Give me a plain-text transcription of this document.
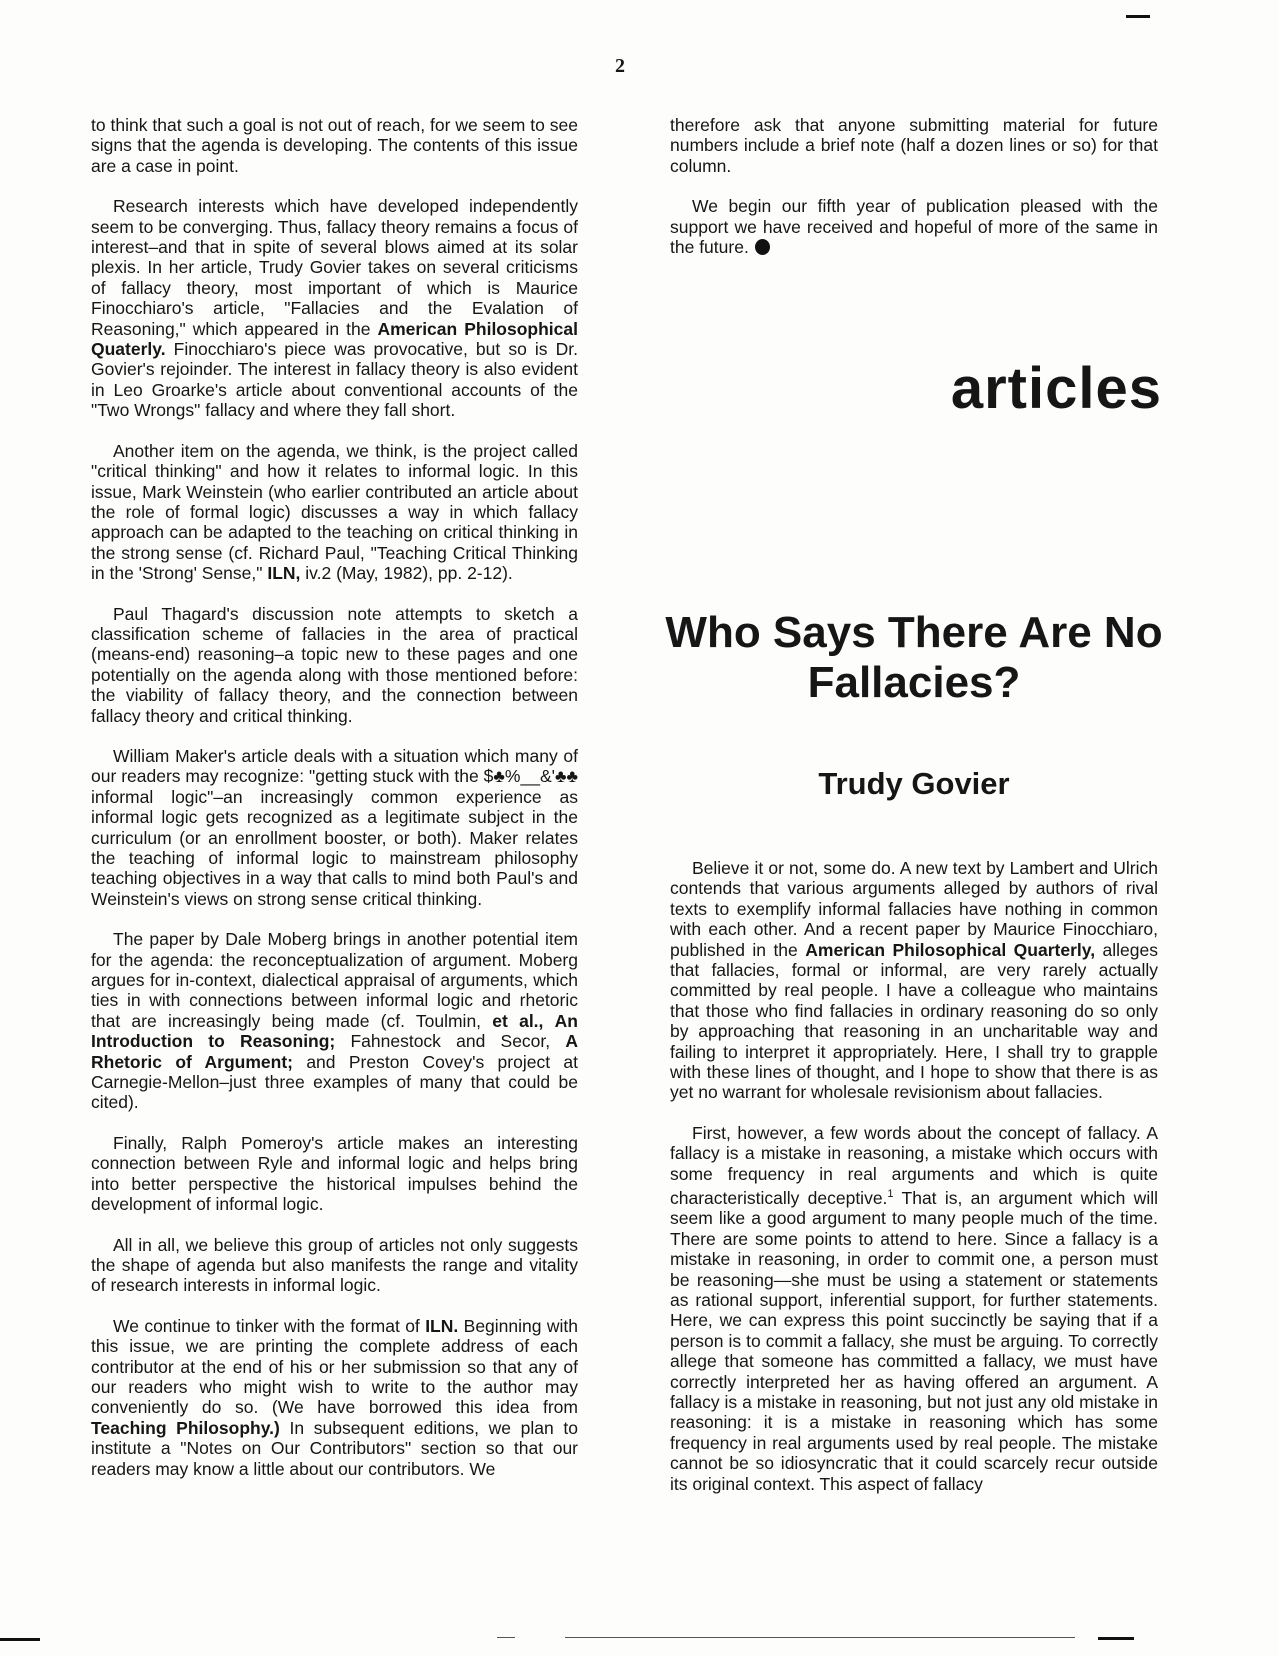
2

to think that such a goal is not out of reach, for we seem to see signs that the agenda is developing. The contents of this issue are a case in point.

Research interests which have developed independently seem to be converging. Thus, fallacy theory remains a focus of interest–and that in spite of several blows aimed at its solar plexis. In her article, Trudy Govier takes on several criticisms of fallacy theory, most important of which is Maurice Finocchiaro's article, "Fallacies and the Evalation of Reasoning," which appeared in the American Philosophical Quaterly. Finocchiaro's piece was provocative, but so is Dr. Govier's rejoinder. The interest in fallacy theory is also evident in Leo Groarke's article about conventional accounts of the "Two Wrongs" fallacy and where they fall short.

Another item on the agenda, we think, is the project called "critical thinking" and how it relates to informal logic. In this issue, Mark Weinstein (who earlier contributed an article about the role of formal logic) discusses a way in which fallacy approach can be adapted to the teaching on critical thinking in the strong sense (cf. Richard Paul, "Teaching Critical Thinking in the 'Strong' Sense," ILN, iv.2 (May, 1982), pp. 2-12).

Paul Thagard's discussion note attempts to sketch a classification scheme of fallacies in the area of practical (means-end) reasoning–a topic new to these pages and one potentially on the agenda along with those mentioned before: the viability of fallacy theory, and the connection between fallacy theory and critical thinking.

William Maker's article deals with a situation which many of our readers may recognize: "getting stuck with the $♣%__&'♣♣ informal logic"–an increasingly common experience as informal logic gets recognized as a legitimate subject in the curriculum (or an enrollment booster, or both). Maker relates the teaching of informal logic to mainstream philosophy teaching objectives in a way that calls to mind both Paul's and Weinstein's views on strong sense critical thinking.

The paper by Dale Moberg brings in another potential item for the agenda: the reconceptualization of argument. Moberg argues for in-context, dialectical appraisal of arguments, which ties in with connections between informal logic and rhetoric that are increasingly being made (cf. Toulmin, et al., An Introduction to Reasoning; Fahnestock and Secor, A Rhetoric of Argument; and Preston Covey's project at Carnegie-Mellon–just three examples of many that could be cited).

Finally, Ralph Pomeroy's article makes an interesting connection between Ryle and informal logic and helps bring into better perspective the historical impulses behind the development of informal logic.

All in all, we believe this group of articles not only suggests the shape of agenda but also manifests the range and vitality of research interests in informal logic.

We continue to tinker with the format of ILN. Beginning with this issue, we are printing the complete address of each contributor at the end of his or her submission so that any of our readers who might wish to write to the author may conveniently do so. (We have borrowed this idea from Teaching Philosophy.) In subsequent editions, we plan to institute a "Notes on Our Contributors" section so that our readers may know a little about our contributors. We

therefore ask that anyone submitting material for future numbers include a brief note (half a dozen lines or so) for that column.

We begin our fifth year of publication pleased with the support we have received and hopeful of more of the same in the future.

articles
Who Says There Are No Fallacies?
Trudy Govier

Believe it or not, some do. A new text by Lambert and Ulrich contends that various arguments alleged by authors of rival texts to exemplify informal fallacies have nothing in common with each other. And a recent paper by Maurice Finocchiaro, published in the American Philosophical Quarterly, alleges that fallacies, formal or informal, are very rarely actually committed by real people. I have a colleague who maintains that those who find fallacies in ordinary reasoning do so only by approaching that reasoning in an uncharitable way and failing to interpret it appropriately. Here, I shall try to grapple with these lines of thought, and I hope to show that there is as yet no warrant for wholesale revisionism about fallacies.

First, however, a few words about the concept of fallacy. A fallacy is a mistake in reasoning, a mistake which occurs with some frequency in real arguments and which is quite characteristically deceptive.$^1$ That is, an argument which will seem like a good argument to many people much of the time. There are some points to attend to here. Since a fallacy is a mistake in reasoning, in order to commit one, a person must be reasoning—she must be using a statement or statements as rational support, inferential support, for further statements. Here, we can express this point succinctly be saying that if a person is to commit a fallacy, she must be arguing. To correctly allege that someone has committed a fallacy, we must have correctly interpreted her as having offered an argument. A fallacy is a mistake in reasoning, but not just any old mistake in reasoning: it is a mistake in reasoning which has some frequency in real arguments used by real people. The mistake cannot be so idiosyncratic that it could scarcely recur outside its original context. This aspect of fallacy
